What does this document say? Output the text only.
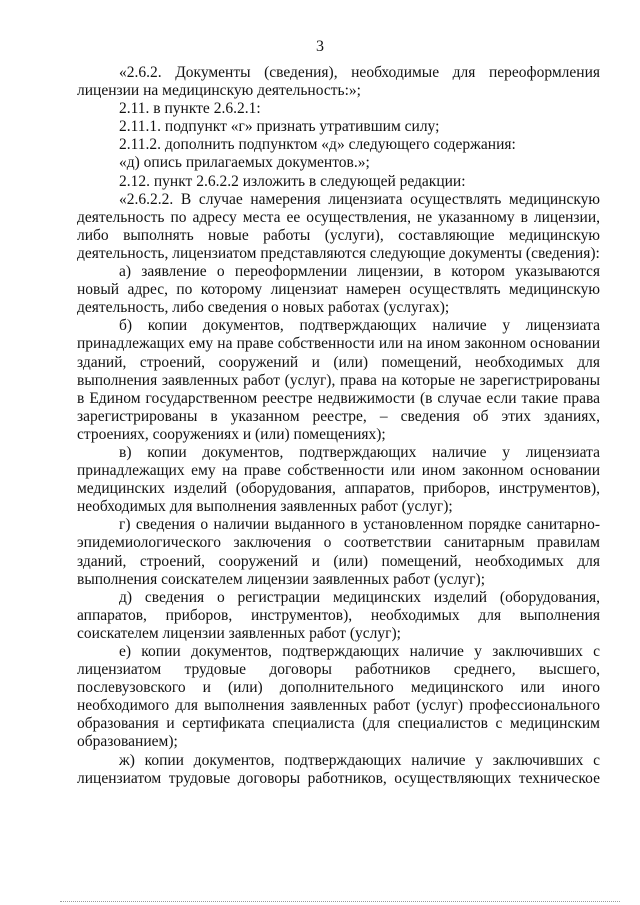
3

«2.6.2. Документы (сведения), необходимые для переоформления лицензии на медицинскую деятельность:»;

2.11. в пункте 2.6.2.1:

2.11.1. подпункт «г» признать утратившим силу;

2.11.2. дополнить подпунктом «д» следующего содержания:

«д) опись прилагаемых документов.»;

2.12. пункт 2.6.2.2 изложить в следующей редакции:

«2.6.2.2. В случае намерения лицензиата осуществлять медицинскую деятельность по адресу места ее осуществления, не указанному в лицензии, либо выполнять новые работы (услуги), составляющие медицинскую деятельность, лицензиатом представляются следующие документы (сведения):

а) заявление о переоформлении лицензии, в котором указываются новый адрес, по которому лицензиат намерен осуществлять медицинскую деятельность, либо сведения о новых работах (услугах);

б) копии документов, подтверждающих наличие у лицензиата принадлежащих ему на праве собственности или на ином законном основании зданий, строений, сооружений и (или) помещений, необходимых для выполнения заявленных работ (услуг), права на которые не зарегистрированы в Едином государственном реестре недвижимости (в случае если такие права зарегистрированы в указанном реестре, – сведения об этих зданиях, строениях, сооружениях и (или) помещениях);

в) копии документов, подтверждающих наличие у лицензиата принадлежащих ему на праве собственности или ином законном основании медицинских изделий (оборудования, аппаратов, приборов, инструментов), необходимых для выполнения заявленных работ (услуг);

г) сведения о наличии выданного в установленном порядке санитарно-эпидемиологического заключения о соответствии санитарным правилам зданий, строений, сооружений и (или) помещений, необходимых для выполнения соискателем лицензии заявленных работ (услуг);

д) сведения о регистрации медицинских изделий (оборудования, аппаратов, приборов, инструментов), необходимых для выполнения соискателем лицензии заявленных работ (услуг);

е) копии документов, подтверждающих наличие у заключивших с лицензиатом трудовые договоры работников среднего, высшего, послевузовского и (или) дополнительного медицинского или иного необходимого для выполнения заявленных работ (услуг) профессионального образования и сертификата специалиста (для специалистов с медицинским образованием);

ж) копии документов, подтверждающих наличие у заключивших с лицензиатом трудовые договоры работников, осуществляющих техническое
